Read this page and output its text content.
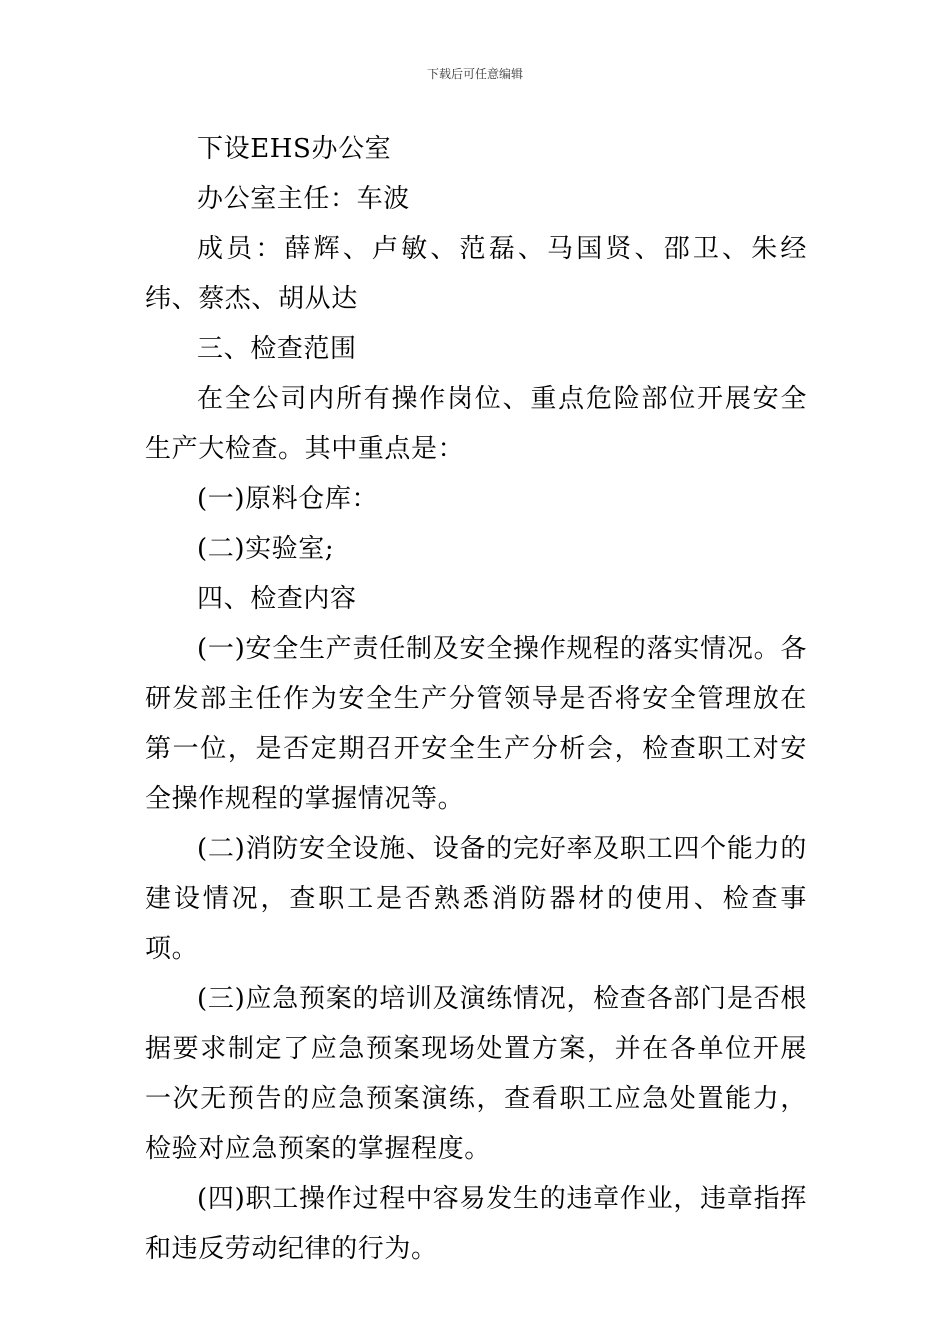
下载后可任意编辑

下设EHS办公室

办公室主任：车波

成员：薛辉、卢敏、范磊、马国贤、邵卫、朱经纬、蔡杰、胡从达

三、检查范围

在全公司内所有操作岗位、重点危险部位开展安全生产大检查。其中重点是：

(一)原料仓库：

(二)实验室;

四、检查内容

(一)安全生产责任制及安全操作规程的落实情况。各研发部主任作为安全生产分管领导是否将安全管理放在第一位，是否定期召开安全生产分析会，检查职工对安全操作规程的掌握情况等。

(二)消防安全设施、设备的完好率及职工四个能力的建设情况，查职工是否熟悉消防器材的使用、检查事项。

(三)应急预案的培训及演练情况，检查各部门是否根据要求制定了应急预案现场处置方案，并在各单位开展一次无预告的应急预案演练，查看职工应急处置能力，检验对应急预案的掌握程度。

(四)职工操作过程中容易发生的违章作业，违章指挥和违反劳动纪律的行为。
